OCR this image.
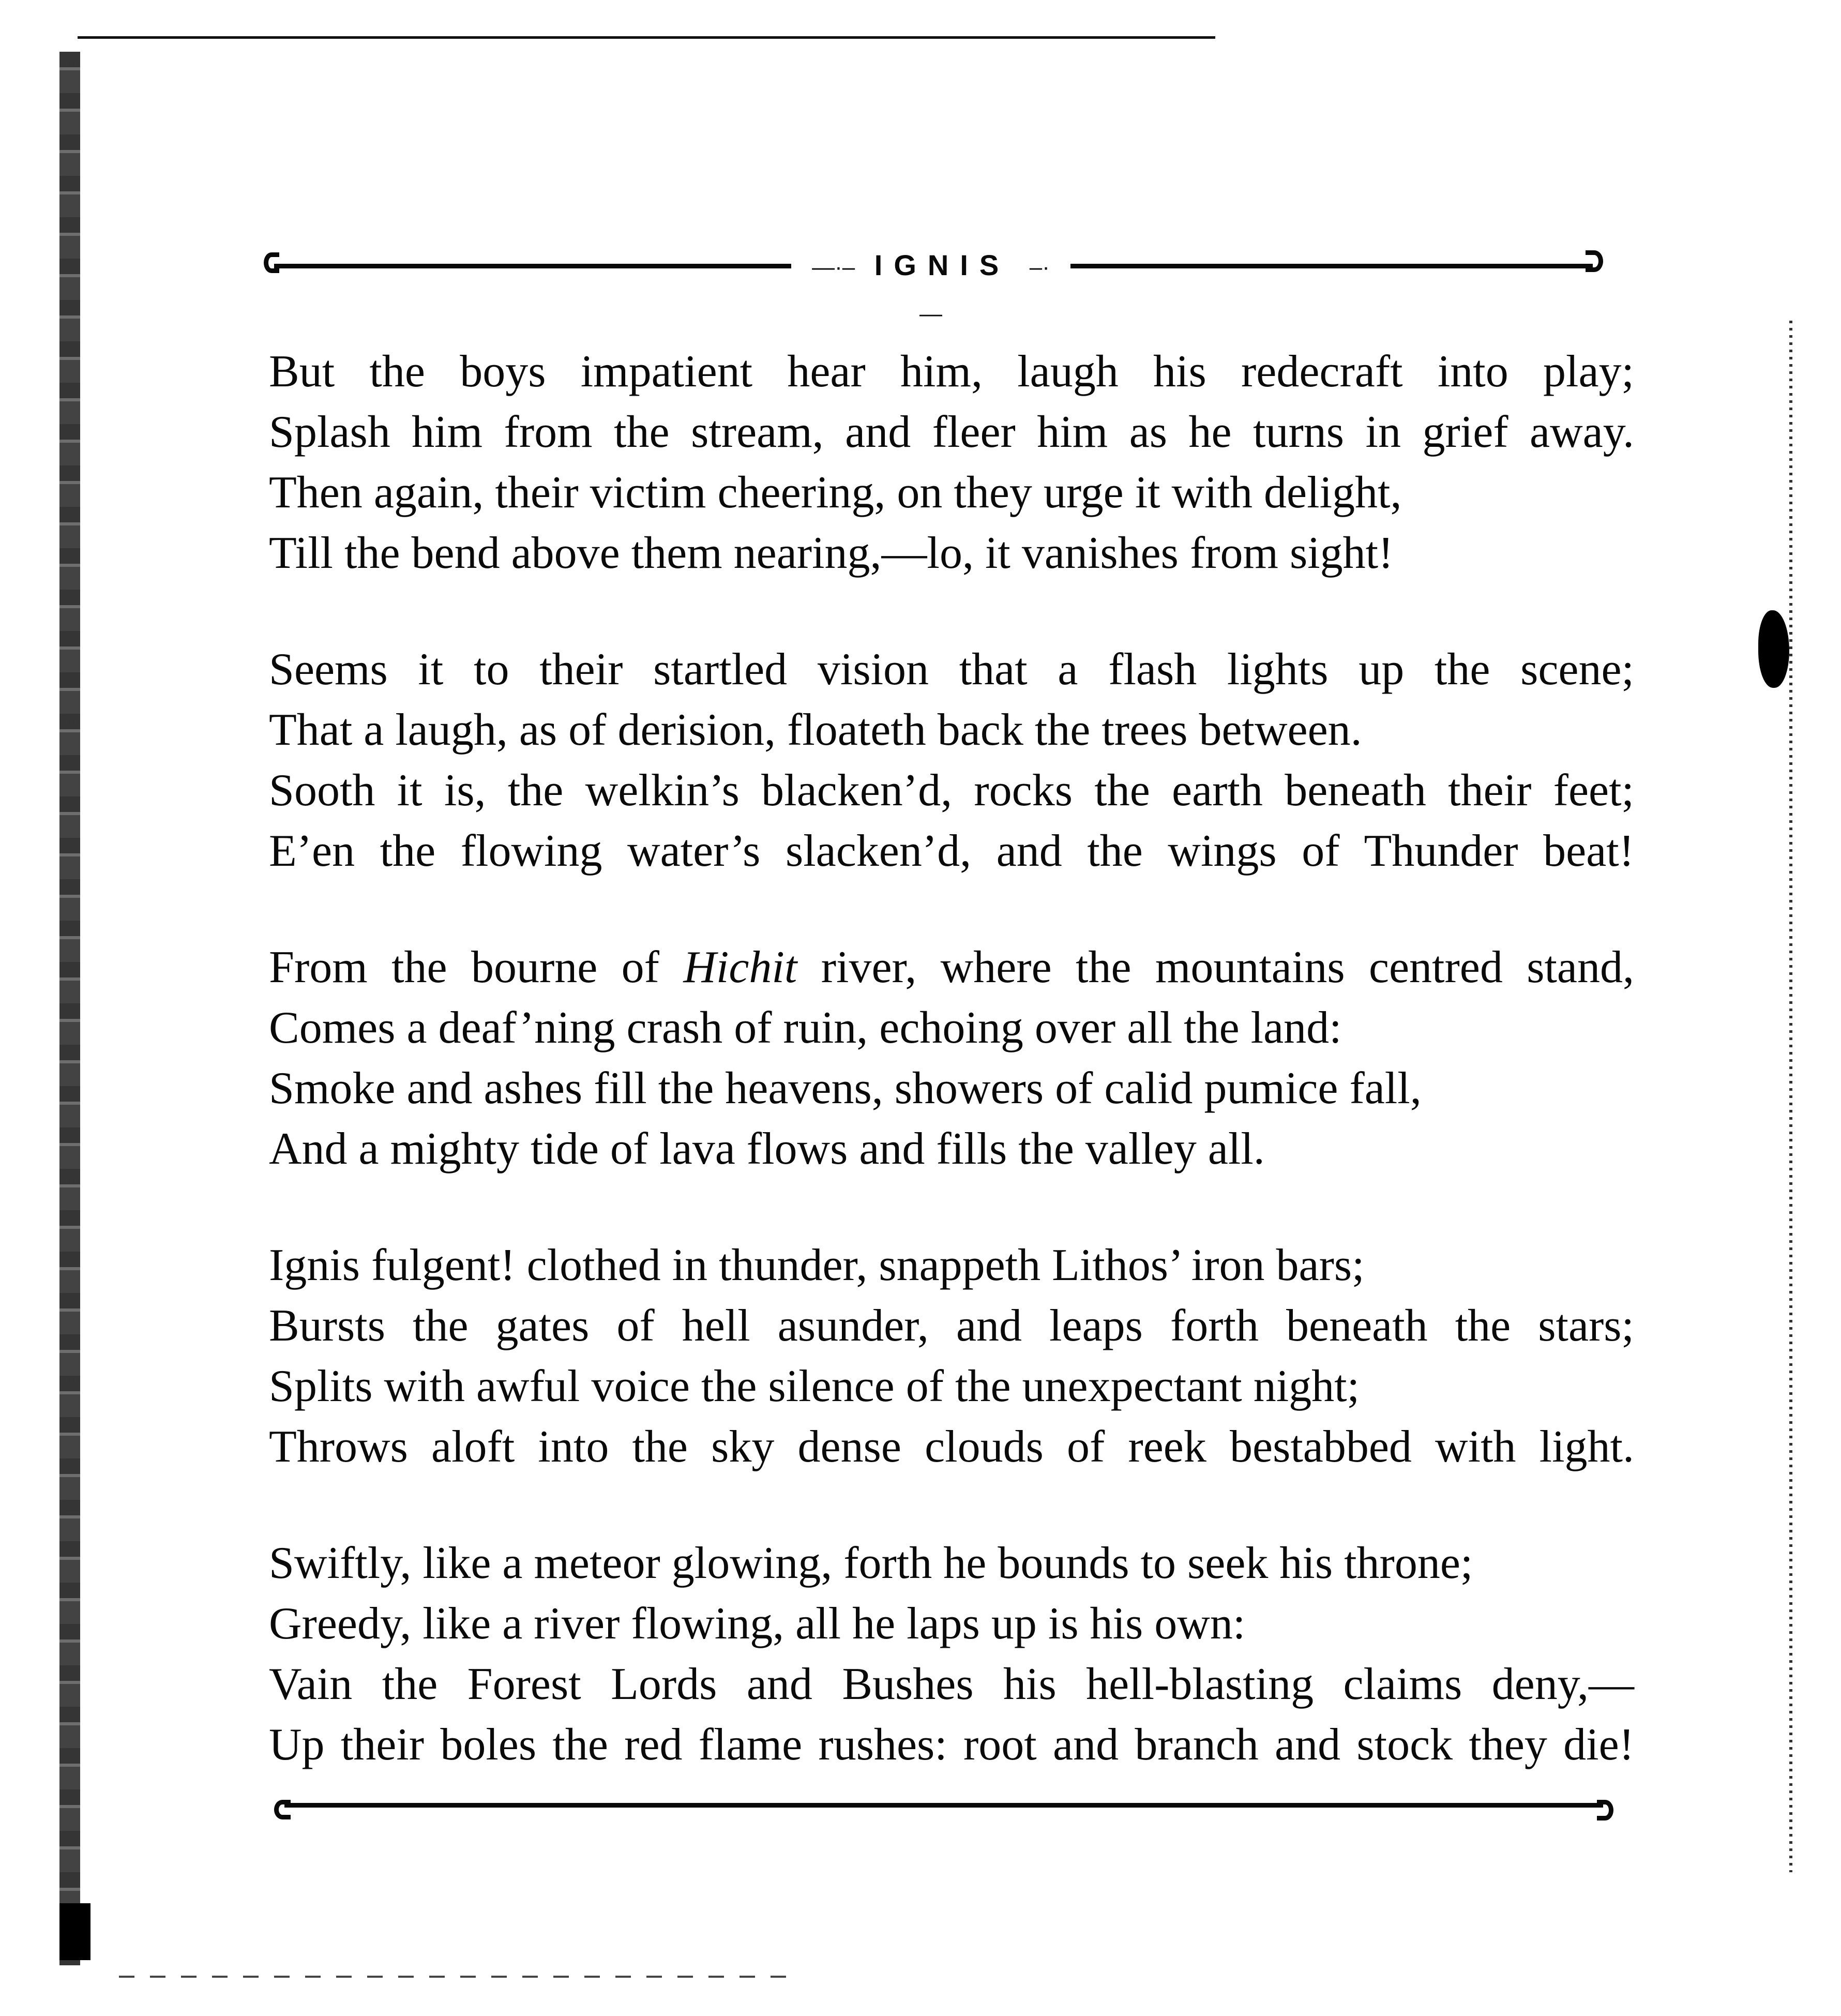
—·– IGNIS –·—
But the boys impatient hear him, laugh his redecraft into play;
Splash him from the stream, and fleer him as he turns in grief away.
Then again, their victim cheering, on they urge it with delight,
Till the bend above them nearing,—lo, it vanishes from sight!
Seems it to their startled vision that a flash lights up the scene;
That a laugh, as of derision, floateth back the trees between.
Sooth it is, the welkin’s blacken’d, rocks the earth beneath their feet;
E’en the flowing water’s slacken’d, and the wings of Thunder beat!
From the bourne of Hichit river, where the mountains centred stand,
Comes a deaf’ning crash of ruin, echoing over all the land:
Smoke and ashes fill the heavens, showers of calid pumice fall,
And a mighty tide of lava flows and fills the valley all.
Ignis fulgent! clothed in thunder, snappeth Lithos’ iron bars;
Bursts the gates of hell asunder, and leaps forth beneath the stars;
Splits with awful voice the silence of the unexpectant night;
Throws aloft into the sky dense clouds of reek bestabbed with light.
Swiftly, like a meteor glowing, forth he bounds to seek his throne;
Greedy, like a river flowing, all he laps up is his own:
Vain the Forest Lords and Bushes his hell-blasting claims deny,—
Up their boles the red flame rushes: root and branch and stock they die!
